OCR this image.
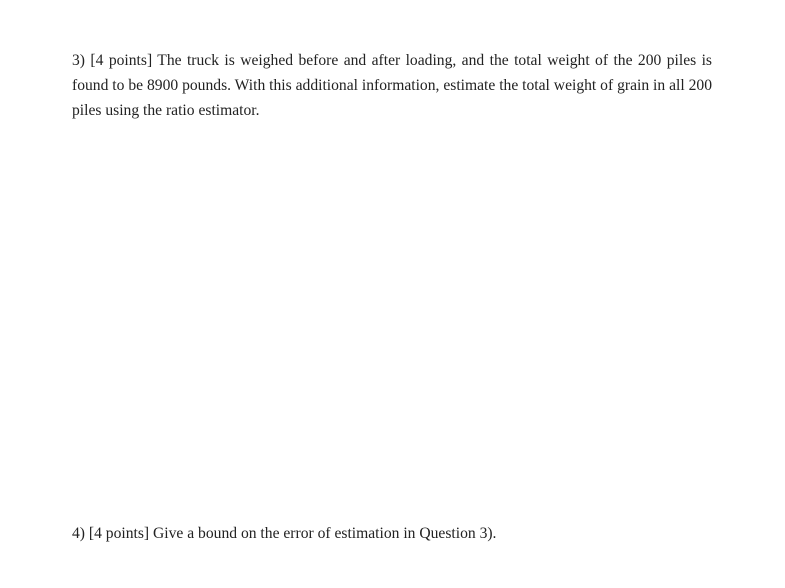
3) [4 points] The truck is weighed before and after loading, and the total weight of the 200 piles is found to be 8900 pounds. With this additional information, estimate the total weight of grain in all 200 piles using the ratio estimator.

4) [4 points] Give a bound on the error of estimation in Question 3).
